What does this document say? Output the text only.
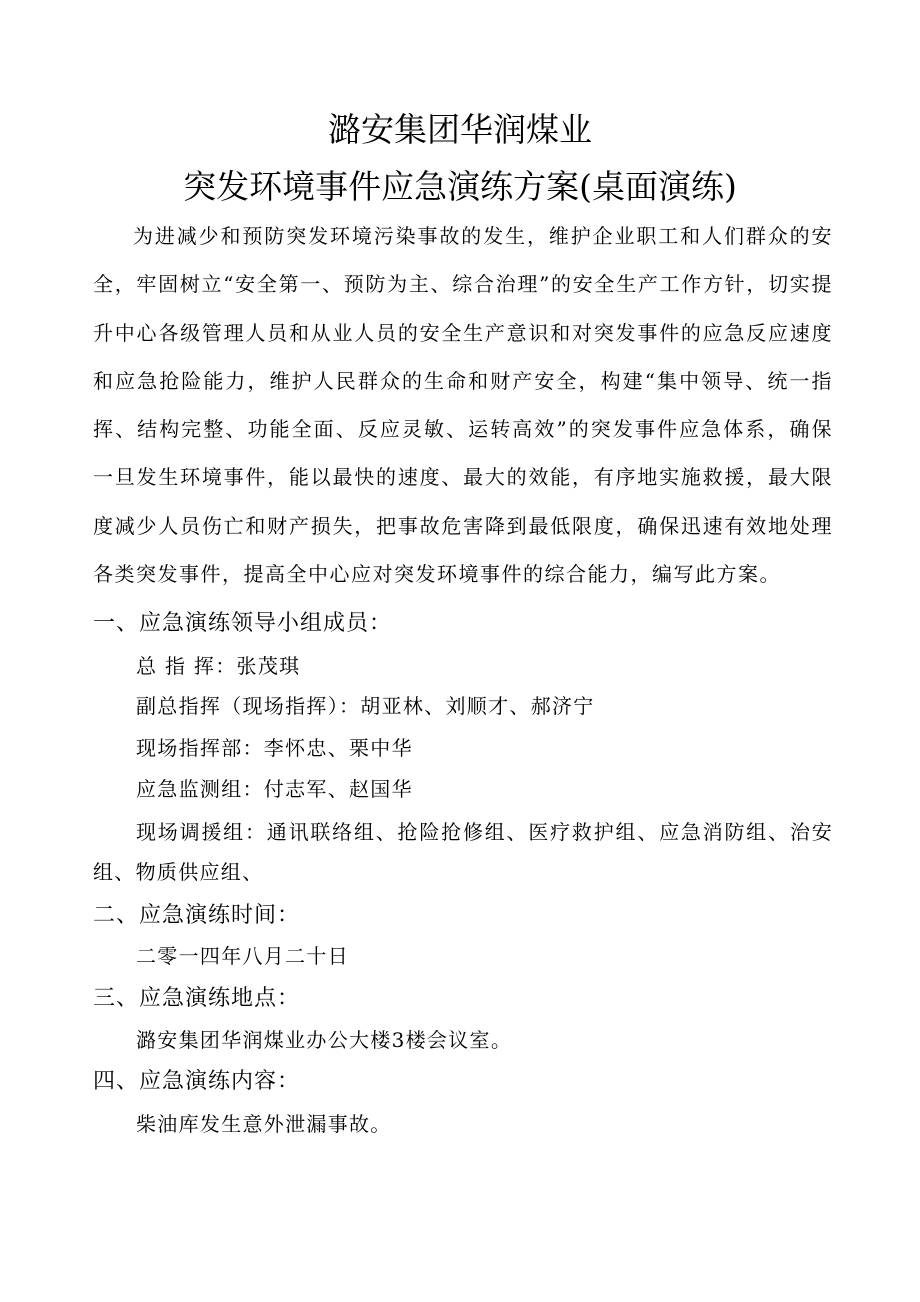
潞安集团华润煤业
突发环境事件应急演练方案(桌面演练)

为进减少和预防突发环境污染事故的发生，维护企业职工和人们群众的安全，牢固树立“安全第一、预防为主、综合治理”的安全生产工作方针，切实提升中心各级管理人员和从业人员的安全生产意识和对突发事件的应急反应速度和应急抢险能力，维护人民群众的生命和财产安全，构建“集中领导、统一指挥、结构完整、功能全面、反应灵敏、运转高效”的突发事件应急体系，确保一旦发生环境事件，能以最快的速度、最大的效能，有序地实施救援，最大限度减少人员伤亡和财产损失，把事故危害降到最低限度，确保迅速有效地处理各类突发事件，提高全中心应对突发环境事件的综合能力，编写此方案。

一、应急演练领导小组成员：
总 指 挥：张茂琪
副总指挥（现场指挥）：胡亚林、刘顺才、郝济宁
现场指挥部：李怀忠、栗中华
应急监测组：付志军、赵国华

现场调援组：通讯联络组、抢险抢修组、医疗救护组、应急消防组、治安组、物质供应组、

二、应急演练时间：
二零一四年八月二十日
三、应急演练地点：
潞安集团华润煤业办公大楼3楼会议室。
四、应急演练内容：
柴油库发生意外泄漏事故。
